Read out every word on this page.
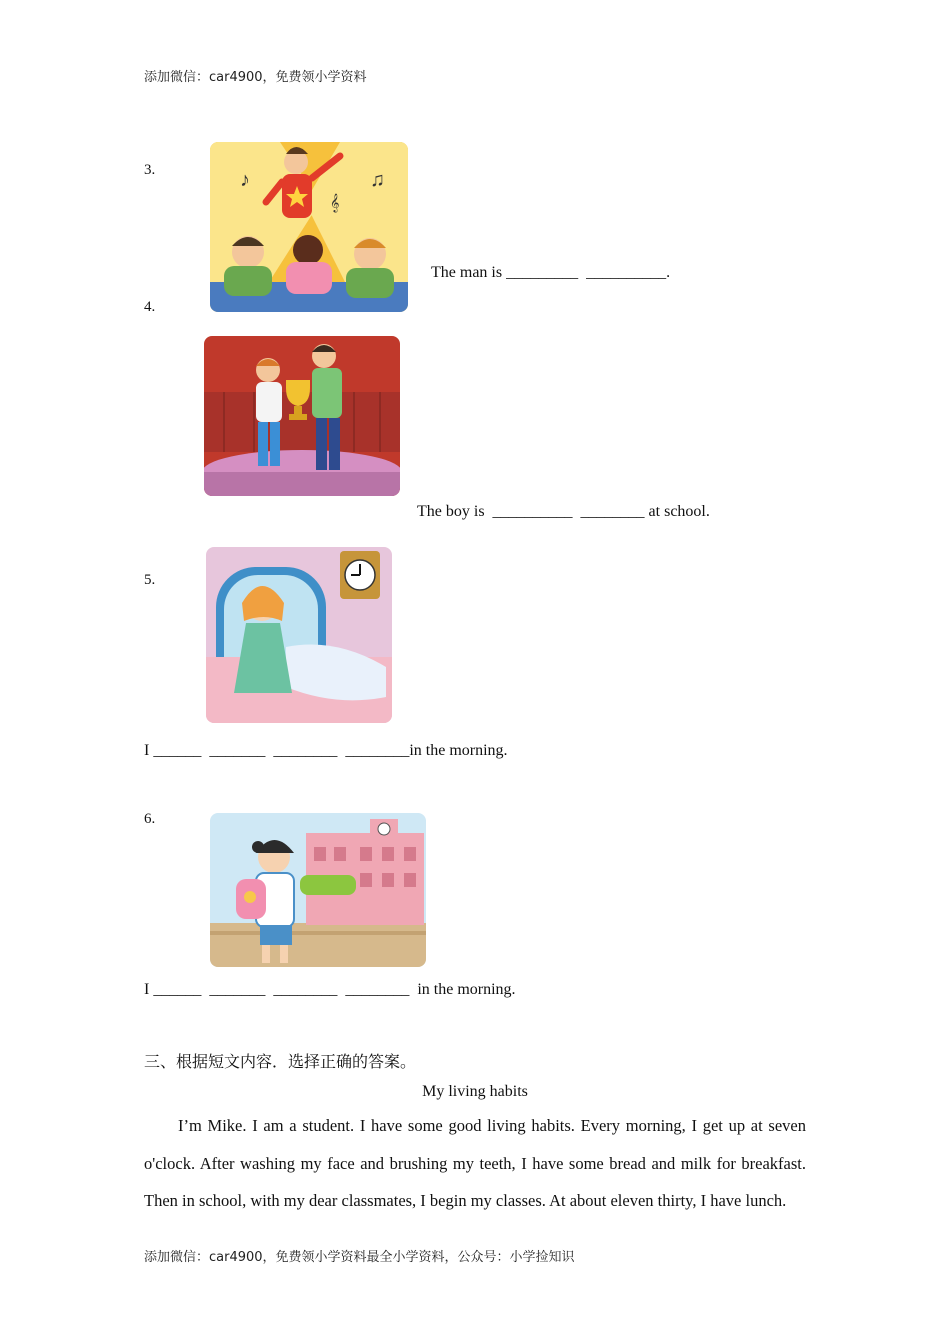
添加微信：car4900，免费领小学资料
3.	♪	♫
𝄞
The man is _________  __________.
4.
The boy is  __________  ________ at school.
5.
I ______  _______  ________  ________in the morning.
6.
I ______  _______  ________  ________  in the morning.
三、根据短文内容．选择正确的答案。
My living habits

I’m Mike. I am a student. I have some good living habits. Every morning, I get up at seven o'clock. After washing my face and brushing my teeth, I have some bread and milk for breakfast. Then in school, with my dear classmates, I begin my classes. At about eleven thirty, I have lunch.

添加微信：car4900，免费领小学资料最全小学资料，公众号：小学捡知识
